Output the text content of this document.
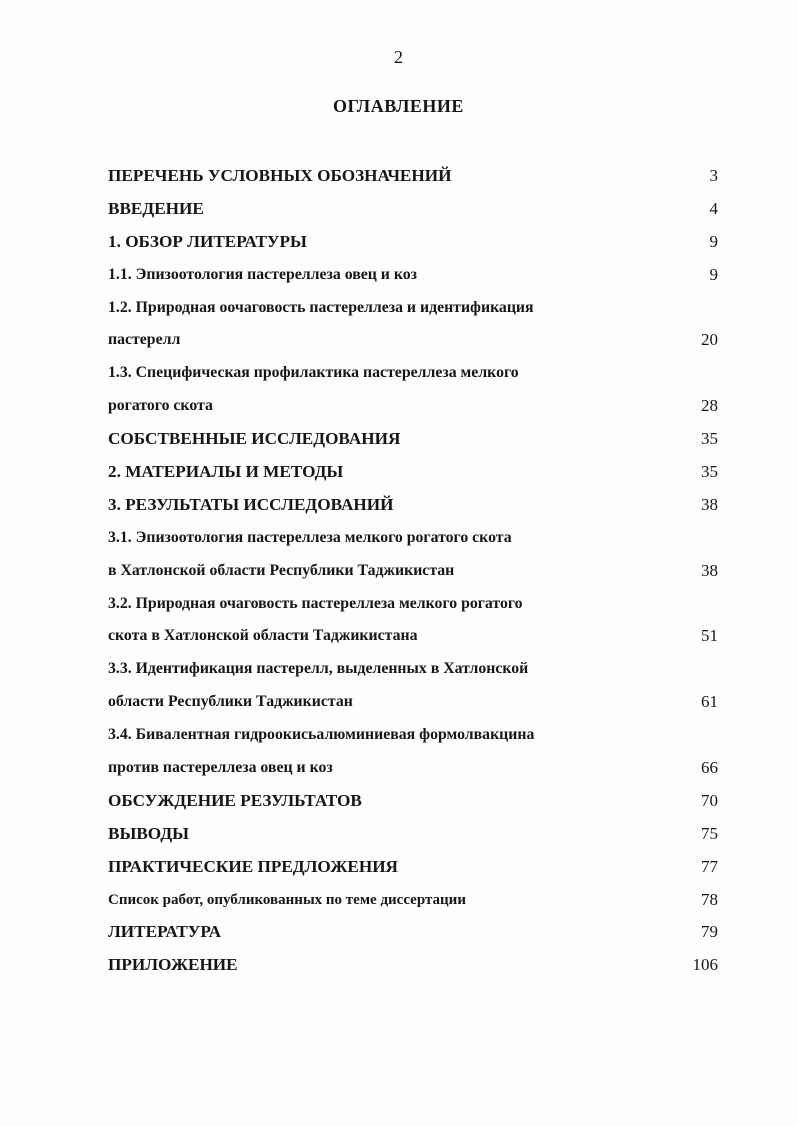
2
ОГЛАВЛЕНИЕ
ПЕРЕЧЕНЬ УСЛОВНЫХ ОБОЗНАЧЕНИЙ	3
ВВЕДЕНИЕ	4
1. ОБЗОР ЛИТЕРАТУРЫ	9
1.1. Эпизоотология пастереллеза овец и коз	9
1.2. Природная оочаговость пастереллеза и идентификация
пастерелл	20
1.3. Специфическая профилактика пастереллеза мелкого
рогатого скота	28
СОБСТВЕННЫЕ ИССЛЕДОВАНИЯ	35
2. МАТЕРИАЛЫ И МЕТОДЫ	35
3. РЕЗУЛЬТАТЫ ИССЛЕДОВАНИЙ	38
3.1. Эпизоотология пастереллеза мелкого рогатого скота
в Хатлонской области Республики Таджикистан	38
3.2. Природная очаговость пастереллеза мелкого рогатого
скота в Хатлонской области Таджикистана	51
3.3. Идентификация пастерелл, выделенных в Хатлонской
области Республики Таджикистан	61
3.4. Бивалентная гидроокисьалюминиевая формолвакцина
против пастереллеза овец и коз	66
ОБСУЖДЕНИЕ РЕЗУЛЬТАТОВ	70
ВЫВОДЫ	75
ПРАКТИЧЕСКИЕ ПРЕДЛОЖЕНИЯ	77
Список работ, опубликованных по теме диссертации	78
ЛИТЕРАТУРА	79
ПРИЛОЖЕНИЕ	106
